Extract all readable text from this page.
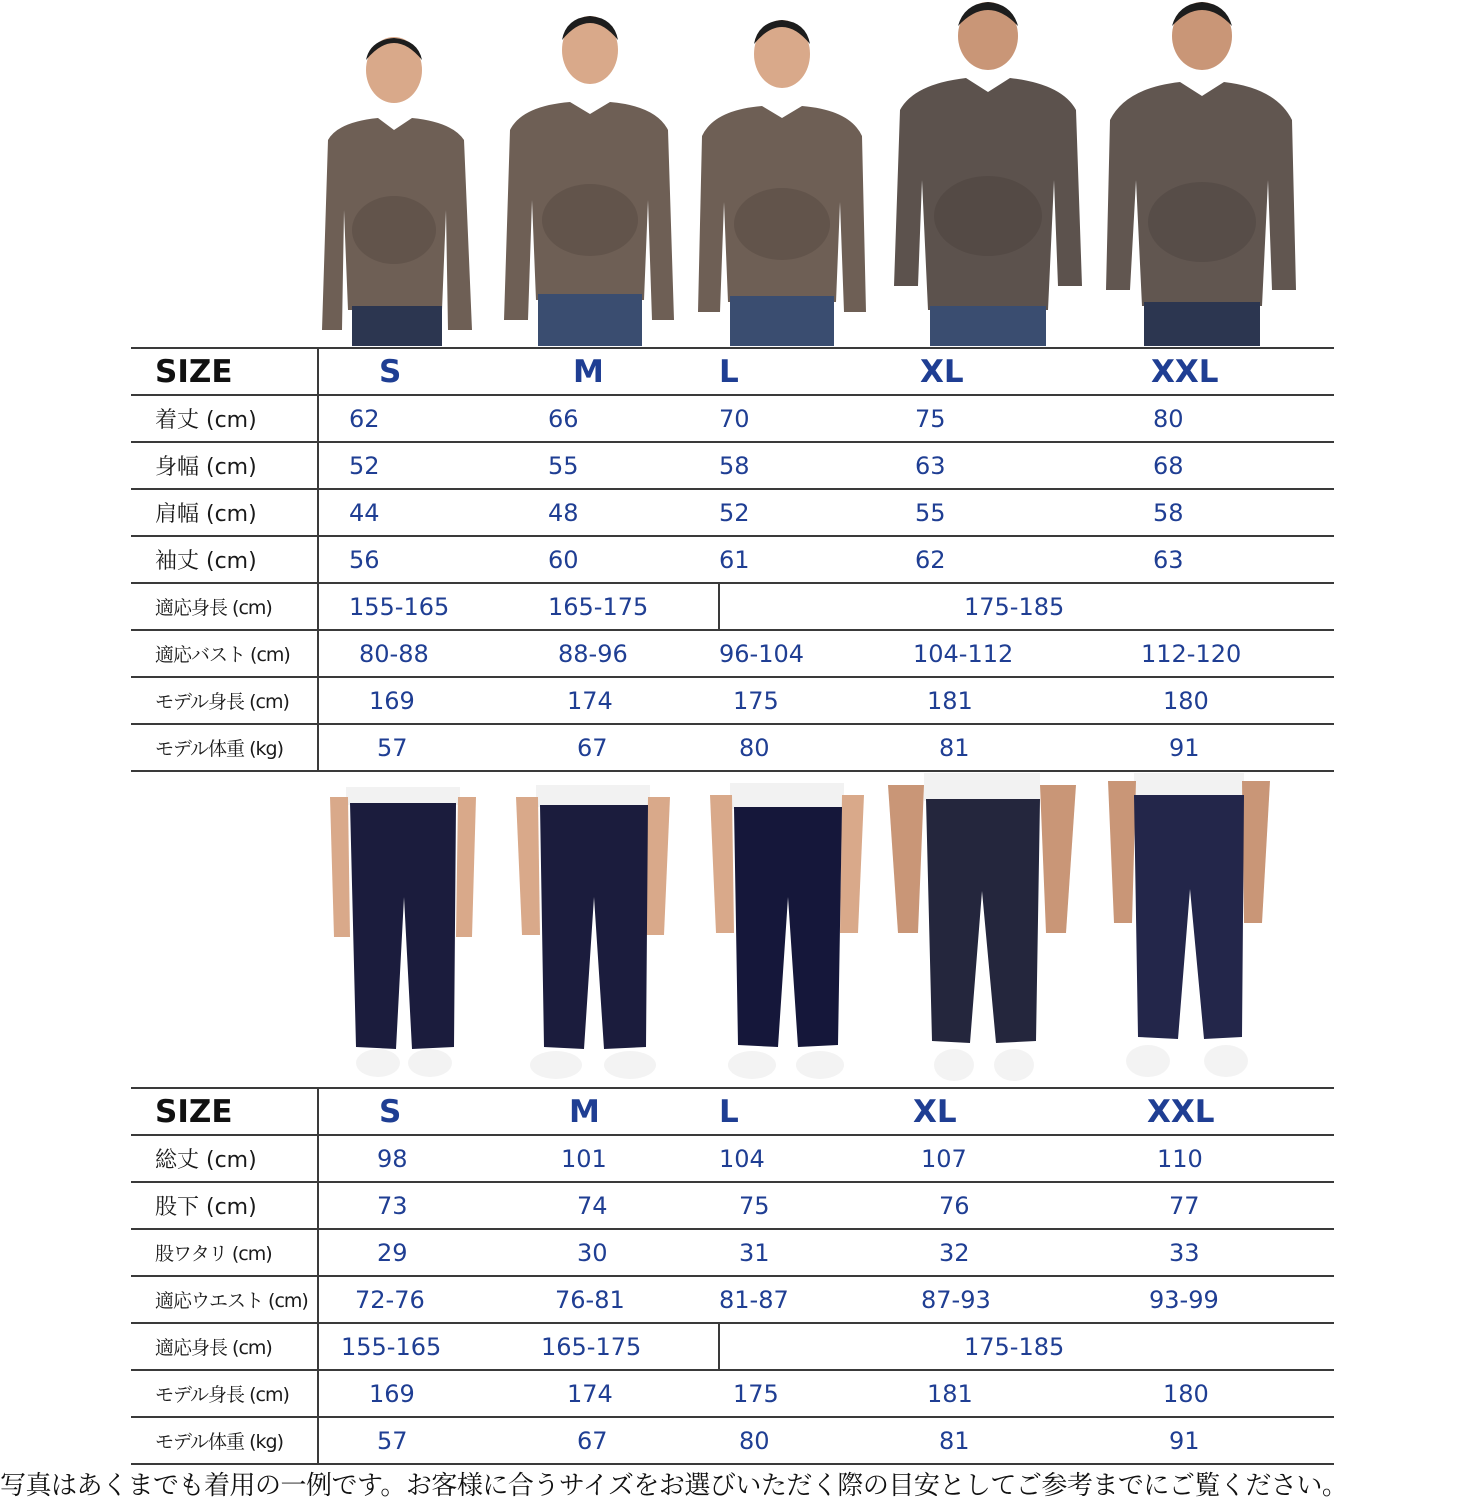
SIZE	S	M	L	XL	XXL
着丈 (cm)	62	66	70	75	80
身幅 (cm)	52	55	58	63	68
肩幅 (cm)	44	48	52	55	58
袖丈 (cm)	56	60	61	62	63
適応身長 (cm)	155-165	165-175	175-185		
適応バスト (cm)	80-88	88-96	96-104	104-112	112-120
モデル身長 (cm)	169	174	175	181	180
モデル体重 (kg)	57	67	80	81	91
SIZE	S	M	L	XL	XXL
総丈 (cm)	98	101	104	107	110
股下 (cm)	73	74	75	76	77
股ワタリ (cm)	29	30	31	32	33
適応ウエスト (cm)	72-76	76-81	81-87	87-93	93-99
適応身長 (cm)	155-165	165-175	175-185		
モデル身長 (cm)	169	174	175	181	180
モデル体重 (kg)	57	67	80	81	91
写真はあくまでも着用の一例です。お客様に合うサイズをお選びいただく際の目安としてご参考までにご覧ください。
